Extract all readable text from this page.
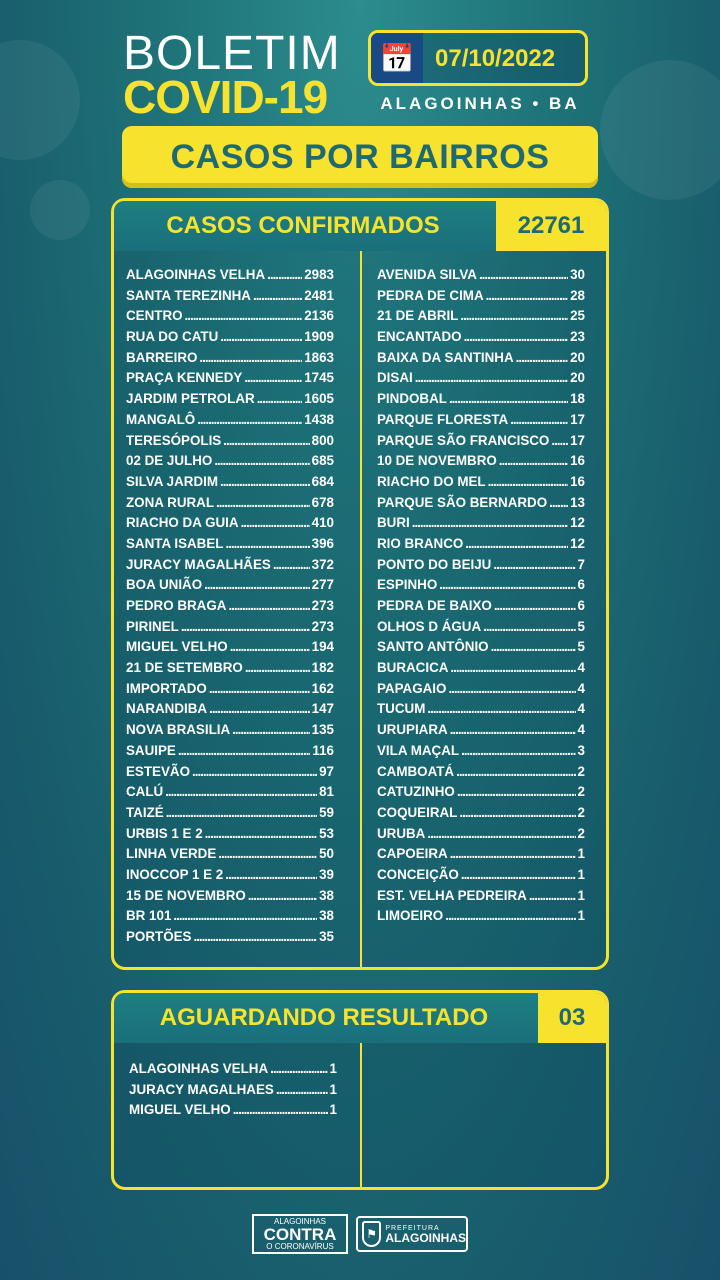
BOLETIM
COVID-19
📅 07/10/2022
ALAGOINHAS • BA
CASOS POR BAIRROS
CASOS CONFIRMADOS	22761
ALAGOINHAS VELHA .....	2983
SANTA TEREZINHA .....	2481
CENTRO .....	2136
RUA DO CATU .....	1909
BARREIRO .....	1863
PRAÇA KENNEDY .....	1745
JARDIM PETROLAR .....	1605
MANGALÔ .....	1438
TERESÓPOLIS .....	800
02 DE JULHO .....	685
SILVA JARDIM .....	684
ZONA RURAL .....	678
RIACHO DA GUIA .....	410
SANTA ISABEL .....	396
JURACY MAGALHÃES .....	372
BOA UNIÃO .....	277
PEDRO BRAGA .....	273
PIRINEL .....	273
MIGUEL VELHO .....	194
21 DE SETEMBRO .....	182
IMPORTADO .....	162
NARANDIBA .....	147
NOVA BRASILIA .....	135
SAUIPE .....	116
ESTEVÃO .....	97
CALÚ .....	81
TAIZÉ .....	59
URBIS 1 E 2 .....	53
LINHA VERDE .....	50
INOCCOP 1 E 2 .....	39
15 DE NOVEMBRO .....	38
BR 101 .....	38
PORTÕES .....	35
AVENIDA SILVA .....	30
PEDRA DE CIMA .....	28
21 DE ABRIL .....	25
ENCANTADO .....	23
BAIXA DA SANTINHA .....	20
DISAI .....	20
PINDOBAL .....	18
PARQUE FLORESTA .....	17
PARQUE SÃO FRANCISCO ..... 17
10 DE NOVEMBRO .....	16
RIACHO DO MEL .....	16
PARQUE SÃO BERNARDO ..... 13
BURI .....	12
RIO BRANCO .....	12
PONTO DO BEIJU .....	7
ESPINHO .....	6
PEDRA DE BAIXO .....	6
OLHOS D ÁGUA .....	5
SANTO ANTÔNIO .....	5
BURACICA .....	4
PAPAGAIO .....	4
TUCUM .....	4
URUPIARA .....	4
VILA MAÇAL .....	3
CAMBOATÁ .....	2
CATUZINHO .....	2
COQUEIRAL .....	2
URUBA .....	2
CAPOEIRA .....	1
CONCEIÇÃO .....	1
EST. VELHA PEDREIRA .....	1
LIMOEIRO .....	1
AGUARDANDO RESULTADO	03
ALAGOINHAS VELHA .....	1
JURACY MAGALHAES .....	1
MIGUEL VELHO .....	1
ALAGOINHAS
CONTRA
O CORONAVÍRUS
⚑	PREFEITURA
ALAGOINHAS
